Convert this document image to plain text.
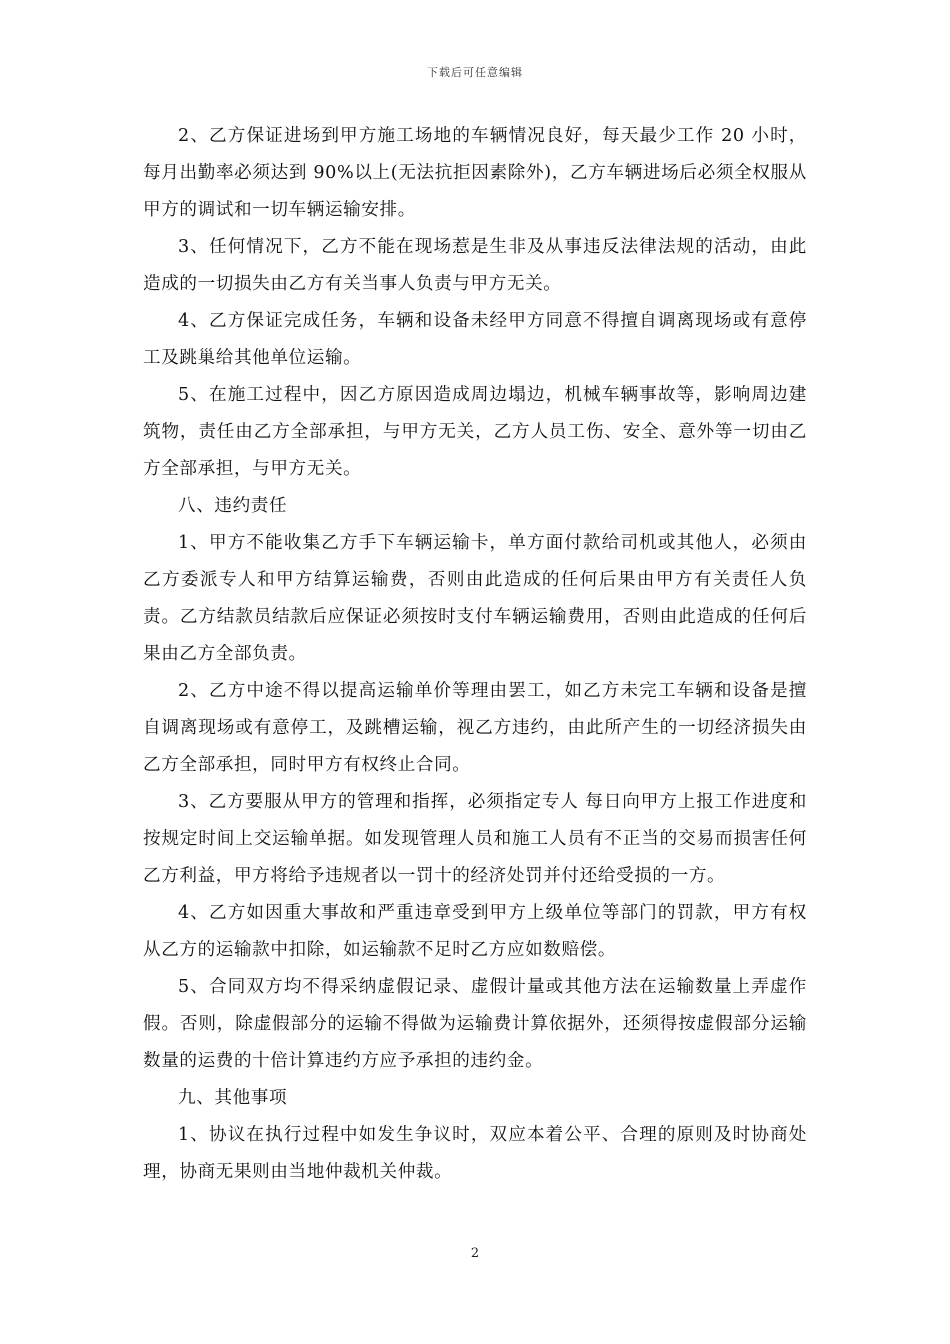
下载后可任意编辑

2、乙方保证进场到甲方施工场地的车辆情况良好，每天最少工作 20 小时，每月出勤率必须达到 90%以上(无法抗拒因素除外)，乙方车辆进场后必须全权服从甲方的调试和一切车辆运输安排。

3、任何情况下，乙方不能在现场惹是生非及从事违反法律法规的活动，由此造成的一切损失由乙方有关当事人负责与甲方无关。

4、乙方保证完成任务，车辆和设备未经甲方同意不得擅自调离现场或有意停工及跳巢给其他单位运输。

5、在施工过程中，因乙方原因造成周边塌边，机械车辆事故等，影响周边建筑物，责任由乙方全部承担，与甲方无关，乙方人员工伤、安全、意外等一切由乙方全部承担，与甲方无关。

八、违约责任

1、甲方不能收集乙方手下车辆运输卡，单方面付款给司机或其他人，必须由乙方委派专人和甲方结算运输费，否则由此造成的任何后果由甲方有关责任人负责。乙方结款员结款后应保证必须按时支付车辆运输费用，否则由此造成的任何后果由乙方全部负责。

2、乙方中途不得以提高运输单价等理由罢工，如乙方未完工车辆和设备是擅自调离现场或有意停工，及跳槽运输，视乙方违约，由此所产生的一切经济损失由乙方全部承担，同时甲方有权终止合同。

3、乙方要服从甲方的管理和指挥，必须指定专人 每日向甲方上报工作进度和按规定时间上交运输单据。如发现管理人员和施工人员有不正当的交易而损害任何乙方利益，甲方将给予违规者以一罚十的经济处罚并付还给受损的一方。

4、乙方如因重大事故和严重违章受到甲方上级单位等部门的罚款，甲方有权从乙方的运输款中扣除，如运输款不足时乙方应如数赔偿。

5、合同双方均不得采纳虚假记录、虚假计量或其他方法在运输数量上弄虚作假。否则，除虚假部分的运输不得做为运输费计算依据外，还须得按虚假部分运输数量的运费的十倍计算违约方应予承担的违约金。

九、其他事项

1、协议在执行过程中如发生争议时，双应本着公平、合理的原则及时协商处理，协商无果则由当地仲裁机关仲裁。

2
